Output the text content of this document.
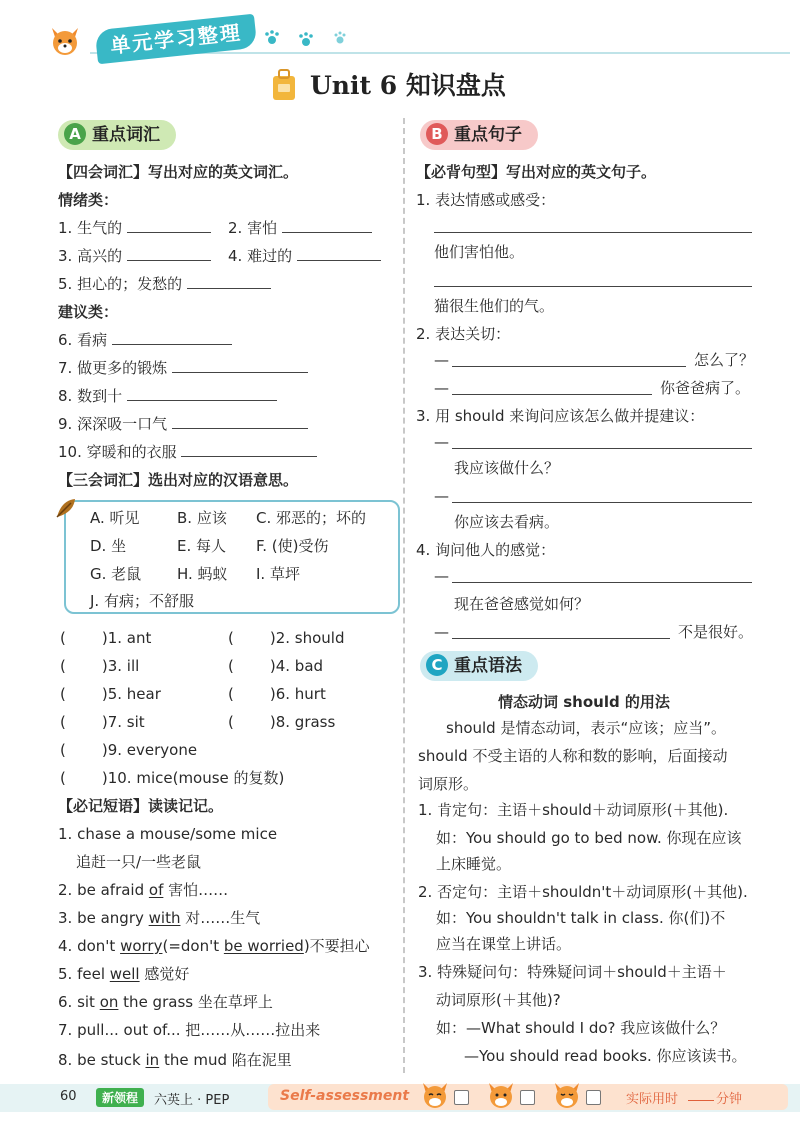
单元学习整理
Unit 6 知识盘点
A 重点词汇
【四会词汇】写出对应的英文词汇。
情绪类：
1. 生气的	2. 害怕
3. 高兴的	4. 难过的
5. 担心的；发愁的
建议类：
6. 看病
7. 做更多的锻炼
8. 数到十
9. 深深吸一口气
10. 穿暖和的衣服
【三会词汇】选出对应的汉语意思。
A. 听见 B. 应该 C. 邪恶的；坏的
D. 坐	E. 每人 F. (使)受伤
G. 老鼠 H. 蚂蚁 I. 草坪
J. 有病；不舒服
( )1. ant	( )2. should
( )3. ill	( )4. bad
( )5. hear	( )6. hurt
( )7. sit	( )8. grass
( )9. everyone
( )10. mice(mouse 的复数)
【必记短语】读读记记。
1. chase a mouse/some mice
追赶一只/一些老鼠
2. be afraid of 害怕……
3. be angry with 对……生气
4. don't worry(=don't be worried)不要担心
5. feel well 感觉好
6. sit on the grass 坐在草坪上
7. pull... out of... 把……从……拉出来
8. be stuck in the mud 陷在泥里
B 重点句子
【必背句型】写出对应的英文句子。
1. 表达情感或感受：
他们害怕他。
猫很生他们的气。
2. 表达关切：
—	怎么了？
—	你爸爸病了。
3. 用 should 来询问应该怎么做并提建议：
—
我应该做什么？
—
你应该去看病。
4. 询问他人的感觉：
—
现在爸爸感觉如何？
—	不是很好。
C 重点语法
情态动词 should 的用法
should 是情态动词，表示“应该；应当”。
should 不受主语的人称和数的影响，后面接动
词原形。
1. 肯定句：主语＋should＋动词原形(＋其他).
如：You should go to bed now. 你现在应该
上床睡觉。
2. 否定句：主语＋shouldn't＋动词原形(＋其他).
如：You shouldn't talk in class. 你(们)不
应当在课堂上讲话。
3. 特殊疑问句：特殊疑问词＋should＋主语＋
动词原形(＋其他)?
如：—What should I do? 我应该做什么？
—You should read books. 你应该读书。
60	新领程	六英上 · PEP	Self-assessment	实际用时	分钟
